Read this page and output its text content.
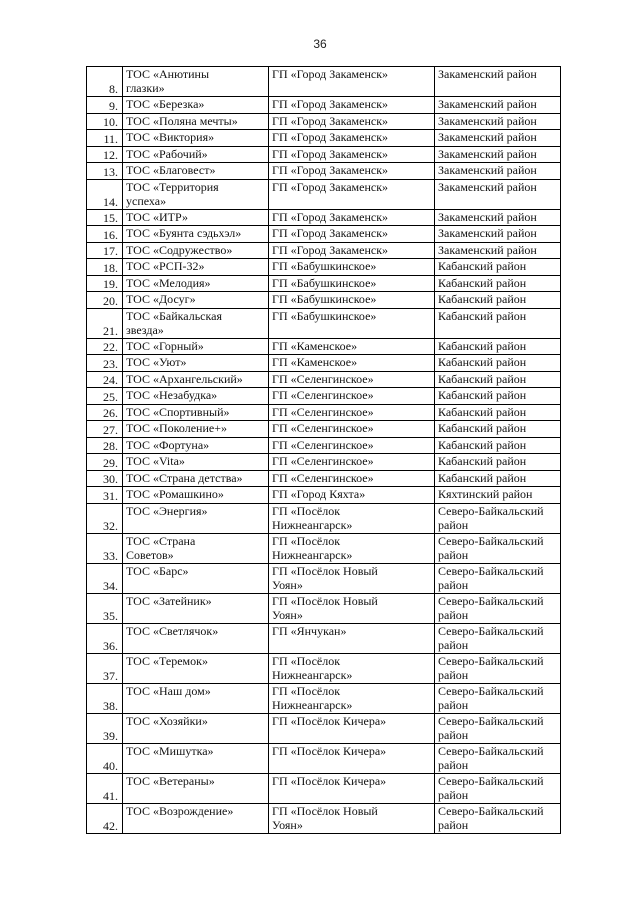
36
8.	ТОС «Анютины
глазки»	ГП «Город Закаменск»	Закаменский район
9.	ТОС «Березка»	ГП «Город Закаменск»	Закаменский район
10.	ТОС «Поляна мечты»	ГП «Город Закаменск»	Закаменский район
11.	ТОС «Виктория»	ГП «Город Закаменск»	Закаменский район
12.	ТОС «Рабочий»	ГП «Город Закаменск»	Закаменский район
13.	ТОС «Благовест»	ГП «Город Закаменск»	Закаменский район
14.	ТОС «Территория
успеха»	ГП «Город Закаменск»	Закаменский район
15.	ТОС «ИТР»	ГП «Город Закаменск»	Закаменский район
16.	ТОС «Буянта сэдьхэл»	ГП «Город Закаменск»	Закаменский район
17.	ТОС «Содружество»	ГП «Город Закаменск»	Закаменский район
18.	ТОС «РСП-32»	ГП «Бабушкинское»	Кабанский район
19.	ТОС «Мелодия»	ГП «Бабушкинское»	Кабанский район
20.	ТОС «Досуг»	ГП «Бабушкинское»	Кабанский район
21.	ТОС «Байкальская
звезда»	ГП «Бабушкинское»	Кабанский район
22.	ТОС «Горный»	ГП «Каменское»	Кабанский район
23.	ТОС «Уют»	ГП «Каменское»	Кабанский район
24.	ТОС «Архангельский»	ГП «Селенгинское»	Кабанский район
25.	ТОС «Незабудка»	ГП «Селенгинское»	Кабанский район
26.	ТОС «Спортивный»	ГП «Селенгинское»	Кабанский район
27.	ТОС «Поколение+»	ГП «Селенгинское»	Кабанский район
28.	ТОС «Фортуна»	ГП «Селенгинское»	Кабанский район
29.	ТОС «Vita»	ГП «Селенгинское»	Кабанский район
30.	ТОС «Страна детства»	ГП «Селенгинское»	Кабанский район
31.	ТОС «Ромашкино»	ГП «Город Кяхта»	Кяхтинский район
32.	ТОС «Энергия»	ГП «Посёлок
Нижнеангарск»	Северо-Байкальский
район
33.	ТОС «Страна
Советов»	ГП «Посёлок
Нижнеангарск»	Северо-Байкальский
район
34.	ТОС «Барс»	ГП «Посёлок Новый
Уоян»	Северо-Байкальский
район
35.	ТОС «Затейник»	ГП «Посёлок Новый
Уоян»	Северо-Байкальский
район
36.	ТОС «Светлячок»	ГП «Янчукан»	Северо-Байкальский
район
37.	ТОС «Теремок»	ГП «Посёлок
Нижнеангарск»	Северо-Байкальский
район
38.	ТОС «Наш дом»	ГП «Посёлок
Нижнеангарск»	Северо-Байкальский
район
39.	ТОС «Хозяйки»	ГП «Посёлок Кичера»	Северо-Байкальский
район
40.	ТОС «Мишутка»	ГП «Посёлок Кичера»	Северо-Байкальский
район
41.	ТОС «Ветераны»	ГП «Посёлок Кичера»	Северо-Байкальский
район
42.	ТОС «Возрождение»	ГП «Посёлок Новый
Уоян»	Северо-Байкальский
район
